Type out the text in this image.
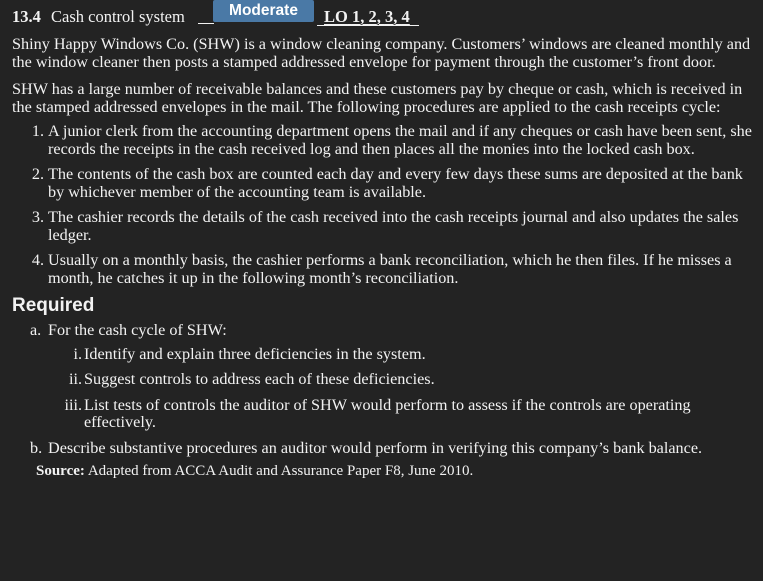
13.4 Cash control system	Moderate	LO 1, 2, 3, 4

Shiny Happy Windows Co. (SHW) is a window cleaning company. Customers’ windows are cleaned monthly and the window cleaner then posts a stamped addressed envelope for payment through the customer’s front door.

SHW has a large number of receivable balances and these customers pay by cheque or cash, which is received in the stamped addressed envelopes in the mail. The following procedures are applied to the cash receipts cycle:

1. A junior clerk from the accounting department opens the mail and if any cheques or cash have been sent, she records the receipts in the cash received log and then places all the monies into the locked cash box.
2. The contents of the cash box are counted each day and every few days these sums are deposited at the bank by whichever member of the accounting team is available.
3. The cashier records the details of the cash received into the cash receipts journal and also updates the sales ledger.
4. Usually on a monthly basis, the cashier performs a bank reconciliation, which he then files. If he misses a month, he catches it up in the following month’s reconciliation.
Required
a. For the cash cycle of SHW:
i. Identify and explain three deficiencies in the system.
ii. Suggest controls to address each of these deficiencies.
iii. List tests of controls the auditor of SHW would perform to assess if the controls are operating effectively.
b. Describe substantive procedures an auditor would perform in verifying this company’s bank balance.
Source: Adapted from ACCA Audit and Assurance Paper F8, June 2010.
